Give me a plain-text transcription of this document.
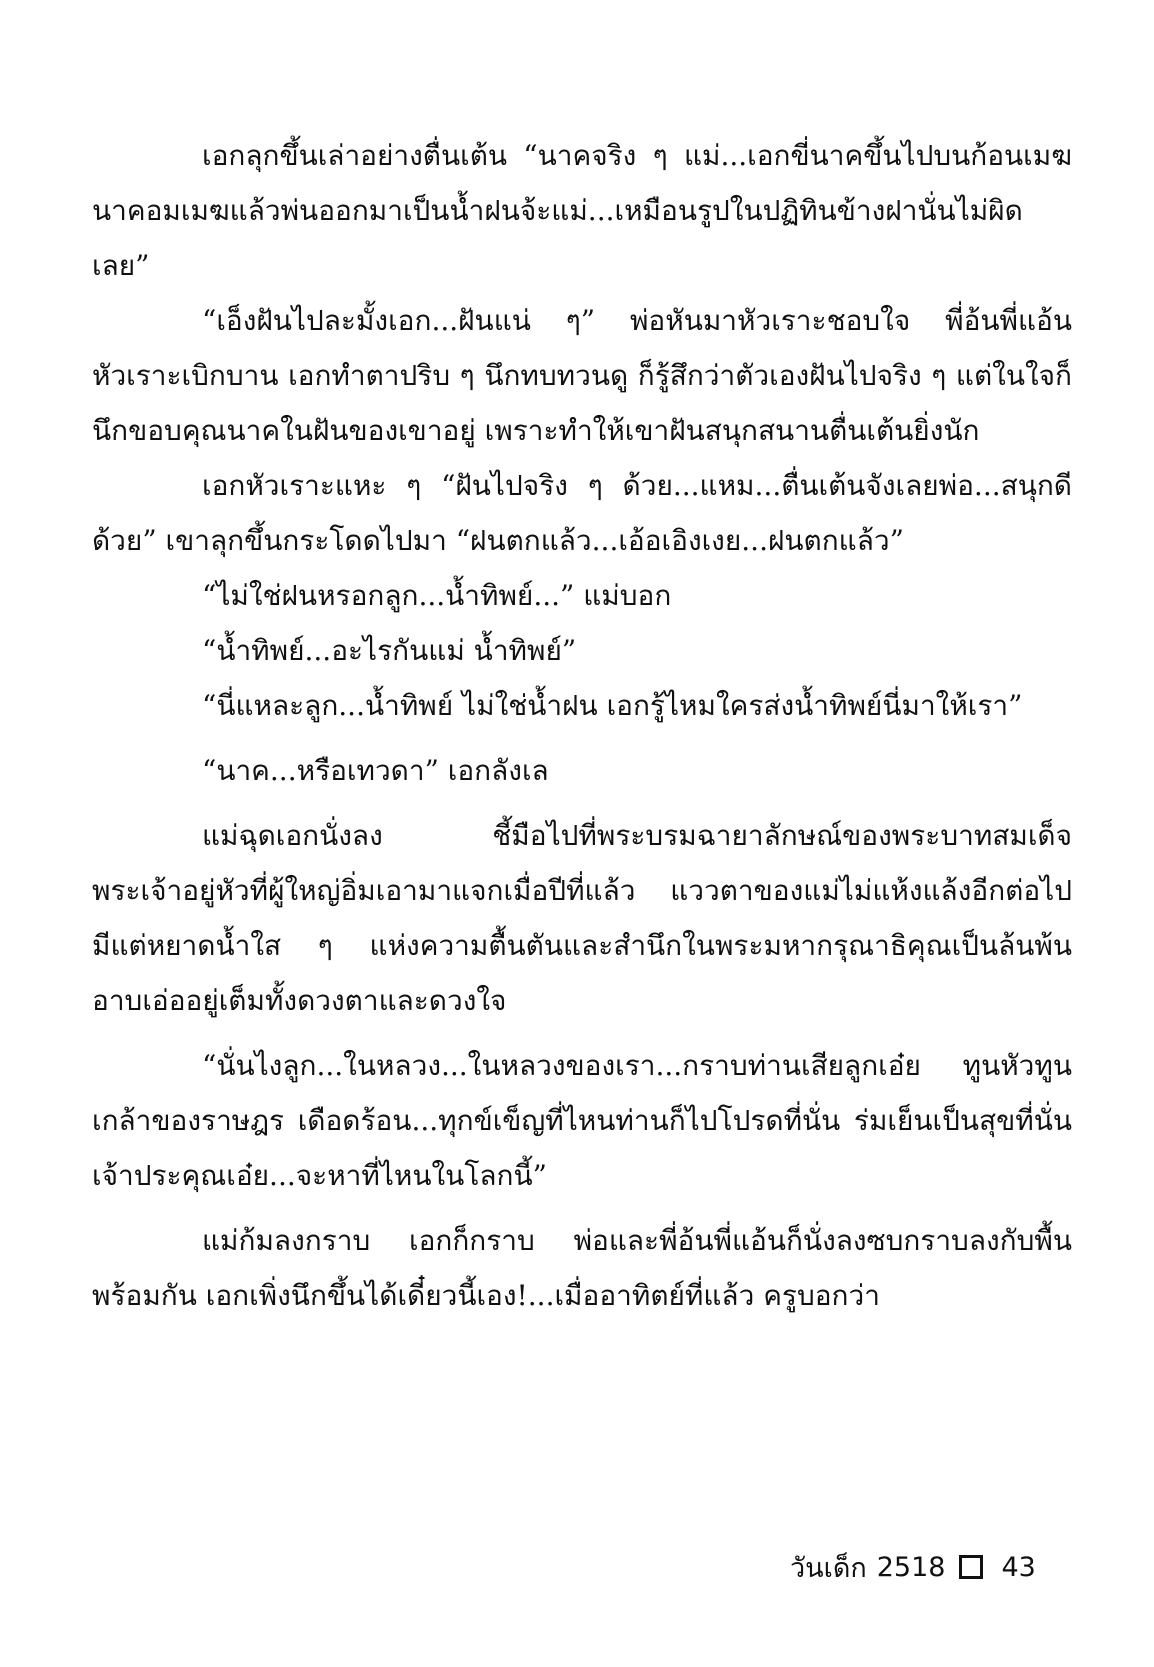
เอกลุกขึ้นเล่าอย่างตื่นเต้น “นาคจริง ๆ แม่...เอกขี่นาคขึ้นไปบนก้อนเมฆ นาคอมเมฆแล้วพ่นออกมาเป็นน้ำฝนจ้ะแม่...เหมือนรูปในปฏิทินข้างฝานั่นไม่ผิดเลย”

“เอ็งฝันไปละมั้งเอก...ฝันแน่ ๆ” พ่อหันมาหัวเราะชอบใจ พี่อ้นพี่แอ้นหัวเราะเบิกบาน เอกทำตาปริบ ๆ นึกทบทวนดู ก็รู้สึกว่าตัวเองฝันไปจริง ๆ แต่ในใจก็นึกขอบคุณนาคในฝันของเขาอยู่ เพราะทำให้เขาฝันสนุกสนานตื่นเต้นยิ่งนัก

เอกหัวเราะแหะ ๆ “ฝันไปจริง ๆ ด้วย...แหม...ตื่นเต้นจังเลยพ่อ...สนุกดีด้วย” เขาลุกขึ้นกระโดดไปมา “ฝนตกแล้ว...เอ้อเอิงเงย...ฝนตกแล้ว”

“ไม่ใช่ฝนหรอกลูก...น้ำทิพย์...” แม่บอก

“น้ำทิพย์...อะไรกันแม่ น้ำทิพย์”

“นี่แหละลูก...น้ำทิพย์ ไม่ใช่น้ำฝน เอกรู้ไหมใครส่งน้ำทิพย์นี่มาให้เรา”

“นาค...หรือเทวดา” เอกลังเล

แม่ฉุดเอกนั่งลง ชี้มือไปที่พระบรมฉายาลักษณ์ของพระบาทสมเด็จพระเจ้าอยู่หัวที่ผู้ใหญ่อิ่มเอามาแจกเมื่อปีที่แล้ว แววตาของแม่ไม่แห้งแล้งอีกต่อไป มีแต่หยาดน้ำใส ๆ แห่งความตื้นตันและสำนึกในพระมหากรุณาธิคุณเป็นล้นพ้น อาบเอ่ออยู่เต็มทั้งดวงตาและดวงใจ

“นั่นไงลูก...ในหลวง...ในหลวงของเรา...กราบท่านเสียลูกเอ๋ย ทูนหัวทูนเกล้าของราษฎร เดือดร้อน...ทุกข์เข็ญที่ไหนท่านก็ไปโปรดที่นั่น ร่มเย็นเป็นสุขที่นั่น เจ้าประคุณเอ๋ย...จะหาที่ไหนในโลกนี้”

แม่ก้มลงกราบ เอกก็กราบ พ่อและพี่อ้นพี่แอ้นก็นั่งลงซบกราบลงกับพื้นพร้อมกัน เอกเพิ่งนึกขึ้นได้เดี๋ยวนี้เอง!...เมื่ออาทิตย์ที่แล้ว ครูบอกว่า

วันเด็ก 2518 43
